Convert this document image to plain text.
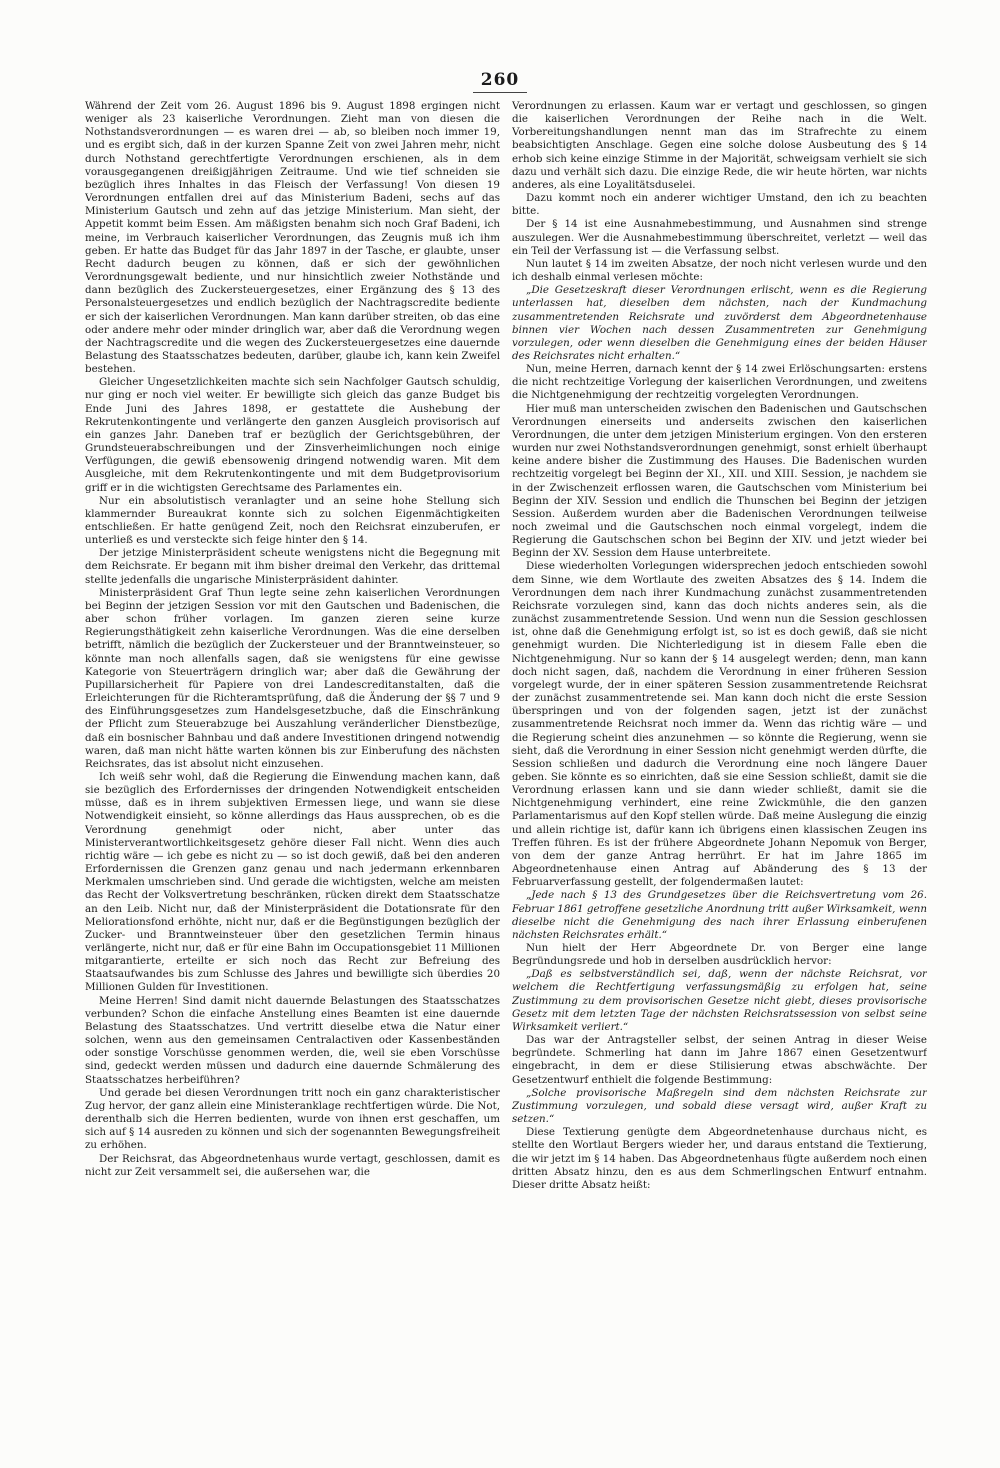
260

Während der Zeit vom 26. August 1896 bis 9. August 1898 ergingen nicht weniger als 23 kaiserliche Verordnungen. Zieht man von diesen die Nothstandsverordnungen — es waren drei — ab, so bleiben noch immer 19, und es ergibt sich, daß in der kurzen Spanne Zeit von zwei Jahren mehr, nicht durch Nothstand gerechtfertigte Verordnungen erschienen, als in dem vorausgegangenen dreißigjährigen Zeitraume. Und wie tief schneiden sie bezüglich ihres Inhaltes in das Fleisch der Verfassung! Von diesen 19 Verordnungen entfallen drei auf das Ministerium Badeni, sechs auf das Ministerium Gautsch und zehn auf das jetzige Ministerium. Man sieht, der Appetit kommt beim Essen. Am mäßigsten benahm sich noch Graf Badeni, ich meine, im Verbrauch kaiserlicher Verordnungen, das Zeugnis muß ich ihm geben. Er hatte das Budget für das Jahr 1897 in der Tasche, er glaubte, unser Recht dadurch beugen zu können, daß er sich der gewöhnlichen Verordnungsgewalt bediente, und nur hinsichtlich zweier Nothstände und dann bezüglich des Zuckersteuergesetzes, einer Ergänzung des § 13 des Personalsteuergesetzes und endlich bezüglich der Nachtragscredite bediente er sich der kaiserlichen Verordnungen. Man kann darüber streiten, ob das eine oder andere mehr oder minder dringlich war, aber daß die Verordnung wegen der Nachtragscredite und die wegen des Zuckersteuergesetzes eine dauernde Belastung des Staatsschatzes bedeuten, darüber, glaube ich, kann kein Zweifel bestehen.

Gleicher Ungesetzlichkeiten machte sich sein Nachfolger Gautsch schuldig, nur ging er noch viel weiter. Er bewilligte sich gleich das ganze Budget bis Ende Juni des Jahres 1898, er gestattete die Aushebung der Rekrutenkontingente und verlängerte den ganzen Ausgleich provisorisch auf ein ganzes Jahr. Daneben traf er bezüglich der Gerichtsgebühren, der Grundsteuerabschreibungen und der Zinsverheimlichungen noch einige Verfügungen, die gewiß ebensowenig dringend notwendig waren. Mit dem Ausgleiche, mit dem Rekrutenkontingente und mit dem Budgetprovisorium griff er in die wichtigsten Gerechtsame des Parlamentes ein.

Nur ein absolutistisch veranlagter und an seine hohe Stellung sich klammernder Bureaukrat konnte sich zu solchen Eigenmächtigkeiten entschließen. Er hatte genügend Zeit, noch den Reichsrat einzuberufen, er unterließ es und versteckte sich feige hinter den § 14.

Der jetzige Ministerpräsident scheute wenigstens nicht die Begegnung mit dem Reichsrate. Er begann mit ihm bisher dreimal den Verkehr, das drittemal stellte jedenfalls die ungarische Ministerpräsident dahinter.

Ministerpräsident Graf Thun legte seine zehn kaiserlichen Verordnungen bei Beginn der jetzigen Session vor mit den Gautschen und Badenischen, die aber schon früher vorlagen. Im ganzen zieren seine kurze Regierungsthätigkeit zehn kaiserliche Verordnungen. Was die eine derselben betrifft, nämlich die bezüglich der Zuckersteuer und der Branntweinsteuer, so könnte man noch allenfalls sagen, daß sie wenigstens für eine gewisse Kategorie von Steuerträgern dringlich war; aber daß die Gewährung der Pupillarsicherheit für Papiere von drei Landescreditanstalten, daß die Erleichterungen für die Richteramtsprüfung, daß die Änderung der §§ 7 und 9 des Einführungsgesetzes zum Handelsgesetzbuche, daß die Einschränkung der Pflicht zum Steuerabzuge bei Auszahlung veränderlicher Dienstbezüge, daß ein bosnischer Bahnbau und daß andere Investitionen dringend notwendig waren, daß man nicht hätte warten können bis zur Einberufung des nächsten Reichsrates, das ist absolut nicht einzusehen.

Ich weiß sehr wohl, daß die Regierung die Einwendung machen kann, daß sie bezüglich des Erfordernisses der dringenden Notwendigkeit entscheiden müsse, daß es in ihrem subjektiven Ermessen liege, und wann sie diese Notwendigkeit einsieht, so könne allerdings das Haus aussprechen, ob es die Verordnung genehmigt oder nicht, aber unter das Ministerverantwortlichkeitsgesetz gehöre dieser Fall nicht. Wenn dies auch richtig wäre — ich gebe es nicht zu — so ist doch gewiß, daß bei den anderen Erfordernissen die Grenzen ganz genau und nach jedermann erkennbaren Merkmalen umschrieben sind. Und gerade die wichtigsten, welche am meisten das Recht der Volksvertretung beschränken, rücken direkt dem Staatsschatze an den Leib. Nicht nur, daß der Ministerpräsident die Dotationsrate für den Meliorationsfond erhöhte, nicht nur, daß er die Begünstigungen bezüglich der Zucker- und Branntweinsteuer über den gesetzlichen Termin hinaus verlängerte, nicht nur, daß er für eine Bahn im Occupationsgebiet 11 Millionen mitgarantierte, erteilte er sich noch das Recht zur Befreiung des Staatsaufwandes bis zum Schlusse des Jahres und bewilligte sich überdies 20 Millionen Gulden für Investitionen.

Meine Herren! Sind damit nicht dauernde Belastungen des Staatsschatzes verbunden? Schon die einfache Anstellung eines Beamten ist eine dauernde Belastung des Staatsschatzes. Und vertritt dieselbe etwa die Natur einer solchen, wenn aus den gemeinsamen Centralactiven oder Kassenbeständen oder sonstige Vorschüsse genommen werden, die, weil sie eben Vorschüsse sind, gedeckt werden müssen und dadurch eine dauernde Schmälerung des Staatsschatzes herbeiführen?

Und gerade bei diesen Verordnungen tritt noch ein ganz charakteristischer Zug hervor, der ganz allein eine Ministeranklage rechtfertigen würde. Die Not, derenthalb sich die Herren bedienten, wurde von ihnen erst geschaffen, um sich auf § 14 ausreden zu können und sich der sogenannten Bewegungsfreiheit zu erhöhen.

Der Reichsrat, das Abgeordnetenhaus wurde vertagt, geschlossen, damit es nicht zur Zeit versammelt sei, die außersehen war, die

Verordnungen zu erlassen. Kaum war er vertagt und geschlossen, so gingen die kaiserlichen Verordnungen der Reihe nach in die Welt. Vorbereitungshandlungen nennt man das im Strafrechte zu einem beabsichtigten Anschlage. Gegen eine solche dolose Ausbeutung des § 14 erhob sich keine einzige Stimme in der Majorität, schweigsam verhielt sie sich dazu und verhält sich dazu. Die einzige Rede, die wir heute hörten, war nichts anderes, als eine Loyalitätsduselei.

Dazu kommt noch ein anderer wichtiger Umstand, den ich zu beachten bitte.

Der § 14 ist eine Ausnahmebestimmung, und Ausnahmen sind strenge auszulegen. Wer die Ausnahmebestimmung überschreitet, verletzt — weil das ein Teil der Verfassung ist — die Verfassung selbst.

Nun lautet § 14 im zweiten Absatze, der noch nicht verlesen wurde und den ich deshalb einmal verlesen möchte:

„Die Gesetzeskraft dieser Verordnungen erlischt, wenn es die Regierung unterlassen hat, dieselben dem nächsten, nach der Kundmachung zusammentretenden Reichsrate und zuvörderst dem Abgeordnetenhause binnen vier Wochen nach dessen Zusammentreten zur Genehmigung vorzulegen, oder wenn dieselben die Genehmigung eines der beiden Häuser des Reichsrates nicht erhalten.“

Nun, meine Herren, darnach kennt der § 14 zwei Erlöschungsarten: erstens die nicht rechtzeitige Vorlegung der kaiserlichen Verordnungen, und zweitens die Nichtgenehmigung der rechtzeitig vorgelegten Verordnungen.

Hier muß man unterscheiden zwischen den Badenischen und Gautschschen Verordnungen einerseits und anderseits zwischen den kaiserlichen Verordnungen, die unter dem jetzigen Ministerium ergingen. Von den ersteren wurden nur zwei Nothstandsverordnungen genehmigt, sonst erhielt überhaupt keine andere bisher die Zustimmung des Hauses. Die Badenischen wurden rechtzeitig vorgelegt bei Beginn der XI., XII. und XIII. Session, je nachdem sie in der Zwischenzeit erflossen waren, die Gautschschen vom Ministerium bei Beginn der XIV. Session und endlich die Thunschen bei Beginn der jetzigen Session. Außerdem wurden aber die Badenischen Verordnungen teilweise noch zweimal und die Gautschschen noch einmal vorgelegt, indem die Regierung die Gautschschen schon bei Beginn der XIV. und jetzt wieder bei Beginn der XV. Session dem Hause unterbreitete.

Diese wiederholten Vorlegungen widersprechen jedoch entschieden sowohl dem Sinne, wie dem Wortlaute des zweiten Absatzes des § 14. Indem die Verordnungen dem nach ihrer Kundmachung zunächst zusammentretenden Reichsrate vorzulegen sind, kann das doch nichts anderes sein, als die zunächst zusammentretende Session. Und wenn nun die Session geschlossen ist, ohne daß die Genehmigung erfolgt ist, so ist es doch gewiß, daß sie nicht genehmigt wurden. Die Nichterledigung ist in diesem Falle eben die Nichtgenehmigung. Nur so kann der § 14 ausgelegt werden; denn, man kann doch nicht sagen, daß, nachdem die Verordnung in einer früheren Session vorgelegt wurde, der in einer späteren Session zusammentretende Reichsrat der zunächst zusammentretende sei. Man kann doch nicht die erste Session überspringen und von der folgenden sagen, jetzt ist der zunächst zusammentretende Reichsrat noch immer da. Wenn das richtig wäre — und die Regierung scheint dies anzunehmen — so könnte die Regierung, wenn sie sieht, daß die Verordnung in einer Session nicht genehmigt werden dürfte, die Session schließen und dadurch die Verordnung eine noch längere Dauer geben. Sie könnte es so einrichten, daß sie eine Session schließt, damit sie die Verordnung erlassen kann und sie dann wieder schließt, damit sie die Nichtgenehmigung verhindert, eine reine Zwickmühle, die den ganzen Parlamentarismus auf den Kopf stellen würde. Daß meine Auslegung die einzig und allein richtige ist, dafür kann ich übrigens einen klassischen Zeugen ins Treffen führen. Es ist der frühere Abgeordnete Johann Nepomuk von Berger, von dem der ganze Antrag herrührt. Er hat im Jahre 1865 im Abgeordnetenhause einen Antrag auf Abänderung des § 13 der Februarverfassung gestellt, der folgendermaßen lautet:

„Jede nach § 13 des Grundgesetzes über die Reichsvertretung vom 26. Februar 1861 getroffene gesetzliche Anordnung tritt außer Wirksamkeit, wenn dieselbe nicht die Genehmigung des nach ihrer Erlassung einberufenen nächsten Reichsrates erhält.“

Nun hielt der Herr Abgeordnete Dr. von Berger eine lange Begründungsrede und hob in derselben ausdrücklich hervor:

„Daß es selbstverständlich sei, daß, wenn der nächste Reichsrat, vor welchem die Rechtfertigung verfassungsmäßig zu erfolgen hat, seine Zustimmung zu dem provisorischen Gesetze nicht giebt, dieses provisorische Gesetz mit dem letzten Tage der nächsten Reichsratssession von selbst seine Wirksamkeit verliert.“

Das war der Antragsteller selbst, der seinen Antrag in dieser Weise begründete. Schmerling hat dann im Jahre 1867 einen Gesetzentwurf eingebracht, in dem er diese Stilisierung etwas abschwächte. Der Gesetzentwurf enthielt die folgende Bestimmung:

„Solche provisorische Maßregeln sind dem nächsten Reichsrate zur Zustimmung vorzulegen, und sobald diese versagt wird, außer Kraft zu setzen.“

Diese Textierung genügte dem Abgeordnetenhause durchaus nicht, es stellte den Wortlaut Bergers wieder her, und daraus entstand die Textierung, die wir jetzt im § 14 haben. Das Abgeordnetenhaus fügte außerdem noch einen dritten Absatz hinzu, den es aus dem Schmerlingschen Entwurf entnahm. Dieser dritte Absatz heißt:
